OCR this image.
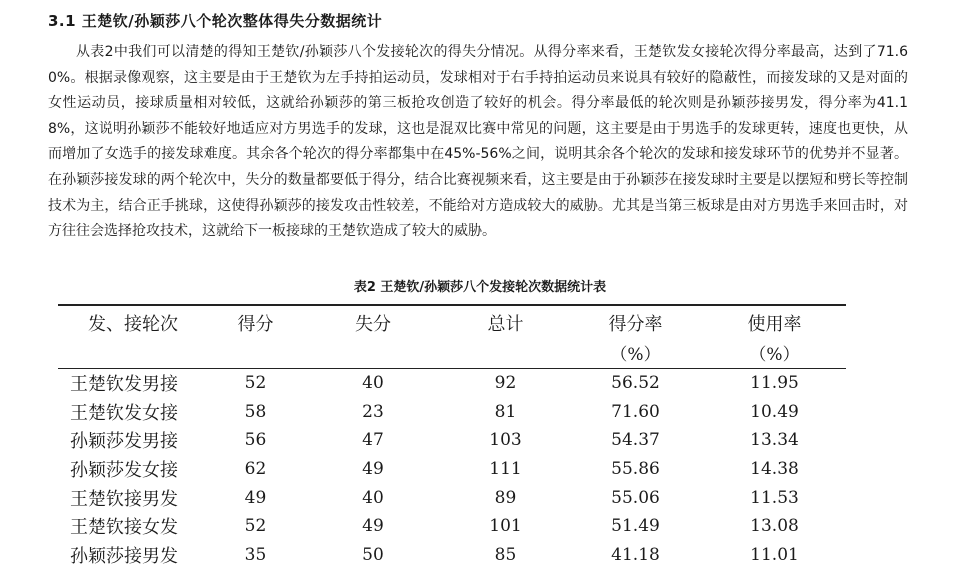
3.1 王楚钦/孙颖莎八个轮次整体得失分数据统计

从表2中我们可以清楚的得知王楚钦/孙颖莎八个发接轮次的得失分情况。从得分率来看，王楚钦发女接轮次得分率最高，达到了71.60%。根据录像观察，这主要是由于王楚钦为左手持拍运动员，发球相对于右手持拍运动员来说具有较好的隐蔽性，而接发球的又是对面的女性运动员，接球质量相对较低，这就给孙颖莎的第三板抢攻创造了较好的机会。得分率最低的轮次则是孙颖莎接男发，得分率为41.18%，这说明孙颖莎不能较好地适应对方男选手的发球，这也是混双比赛中常见的问题，这主要是由于男选手的发球更转，速度也更快，从而增加了女选手的接发球难度。其余各个轮次的得分率都集中在45%-56%之间，说明其余各个轮次的发球和接发球环节的优势并不显著。在孙颖莎接发球的两个轮次中，失分的数量都要低于得分，结合比赛视频来看，这主要是由于孙颖莎在接发球时主要是以摆短和劈长等控制技术为主，结合正手挑球，这使得孙颖莎的接发攻击性较差，不能给对方造成较大的威胁。尤其是当第三板球是由对方男选手来回击时，对方往往会选择抢攻技术，这就给下一板接球的王楚钦造成了较大的威胁。

表2 王楚钦/孙颖莎八个发接轮次数据统计表

发、接轮次	得分	失分	总计	得分率	使用率
				（%）	（%）
王楚钦发男接	52	40	92	56.52	11.95
王楚钦发女接	58	23	81	71.60	10.49
孙颖莎发男接	56	47	103	54.37	13.34
孙颖莎发女接	62	49	111	55.86	14.38
王楚钦接男发	49	40	89	55.06	11.53
王楚钦接女发	52	49	101	51.49	13.08
孙颖莎接男发	35	50	85	41.18	11.01
